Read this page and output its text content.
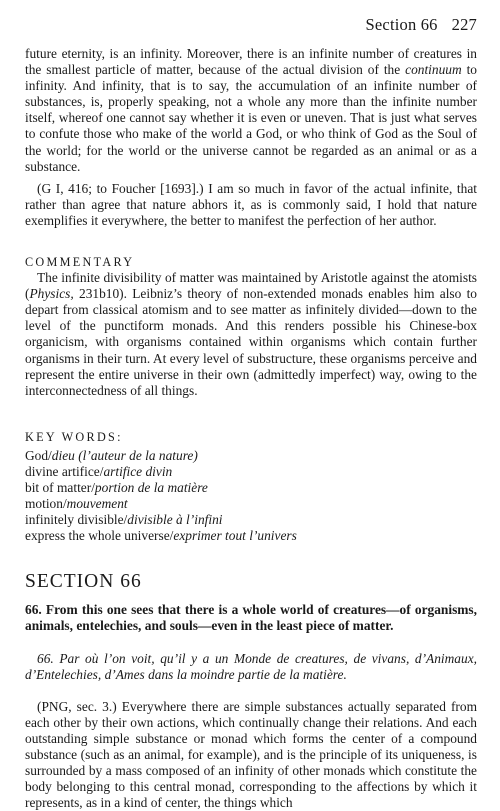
Section 66 227

future eternity, is an infinity. Moreover, there is an infinite number of creatures in the smallest particle of matter, because of the actual division of the continuum to infinity. And infinity, that is to say, the accumulation of an infinite number of substances, is, properly speaking, not a whole any more than the infinite number itself, whereof one cannot say whether it is even or uneven. That is just what serves to confute those who make of the world a God, or who think of God as the Soul of the world; for the world or the universe cannot be regarded as an animal or as a substance.

(G I, 416; to Foucher [1693].) I am so much in favor of the actual infinite, that rather than agree that nature abhors it, as is commonly said, I hold that nature exemplifies it everywhere, the better to manifest the perfection of her author.

COMMENTARY

The infinite divisibility of matter was maintained by Aristotle against the atomists (Physics, 231b10). Leibniz’s theory of non-extended monads enables him also to depart from classical atomism and to see matter as infinitely divided—down to the level of the punctiform monads. And this renders possible his Chinese-box organicism, with organisms contained within organisms which contain further organisms in their turn. At every level of substructure, these organisms perceive and represent the entire universe in their own (admittedly imperfect) way, owing to the interconnectedness of all things.

KEY WORDS:
God/dieu (l’auteur de la nature)
divine artifice/artifice divin
bit of matter/portion de la matière
motion/mouvement
infinitely divisible/divisible à l’infini
express the whole universe/exprimer tout l’univers
SECTION 66

66. From this one sees that there is a whole world of creatures—of organisms, animals, entelechies, and souls—even in the least piece of matter.

66. Par où l’on voit, qu’il y a un Monde de creatures, de vivans, d’Animaux, d’Entelechies, d’Ames dans la moindre partie de la matière.

(PNG, sec. 3.) Everywhere there are simple substances actually separated from each other by their own actions, which continually change their relations. And each outstanding simple substance or monad which forms the center of a compound substance (such as an animal, for example), and is the principle of its uniqueness, is surrounded by a mass composed of an infinity of other monads which constitute the body belonging to this central monad, corresponding to the affections by which it represents, as in a kind of center, the things which
